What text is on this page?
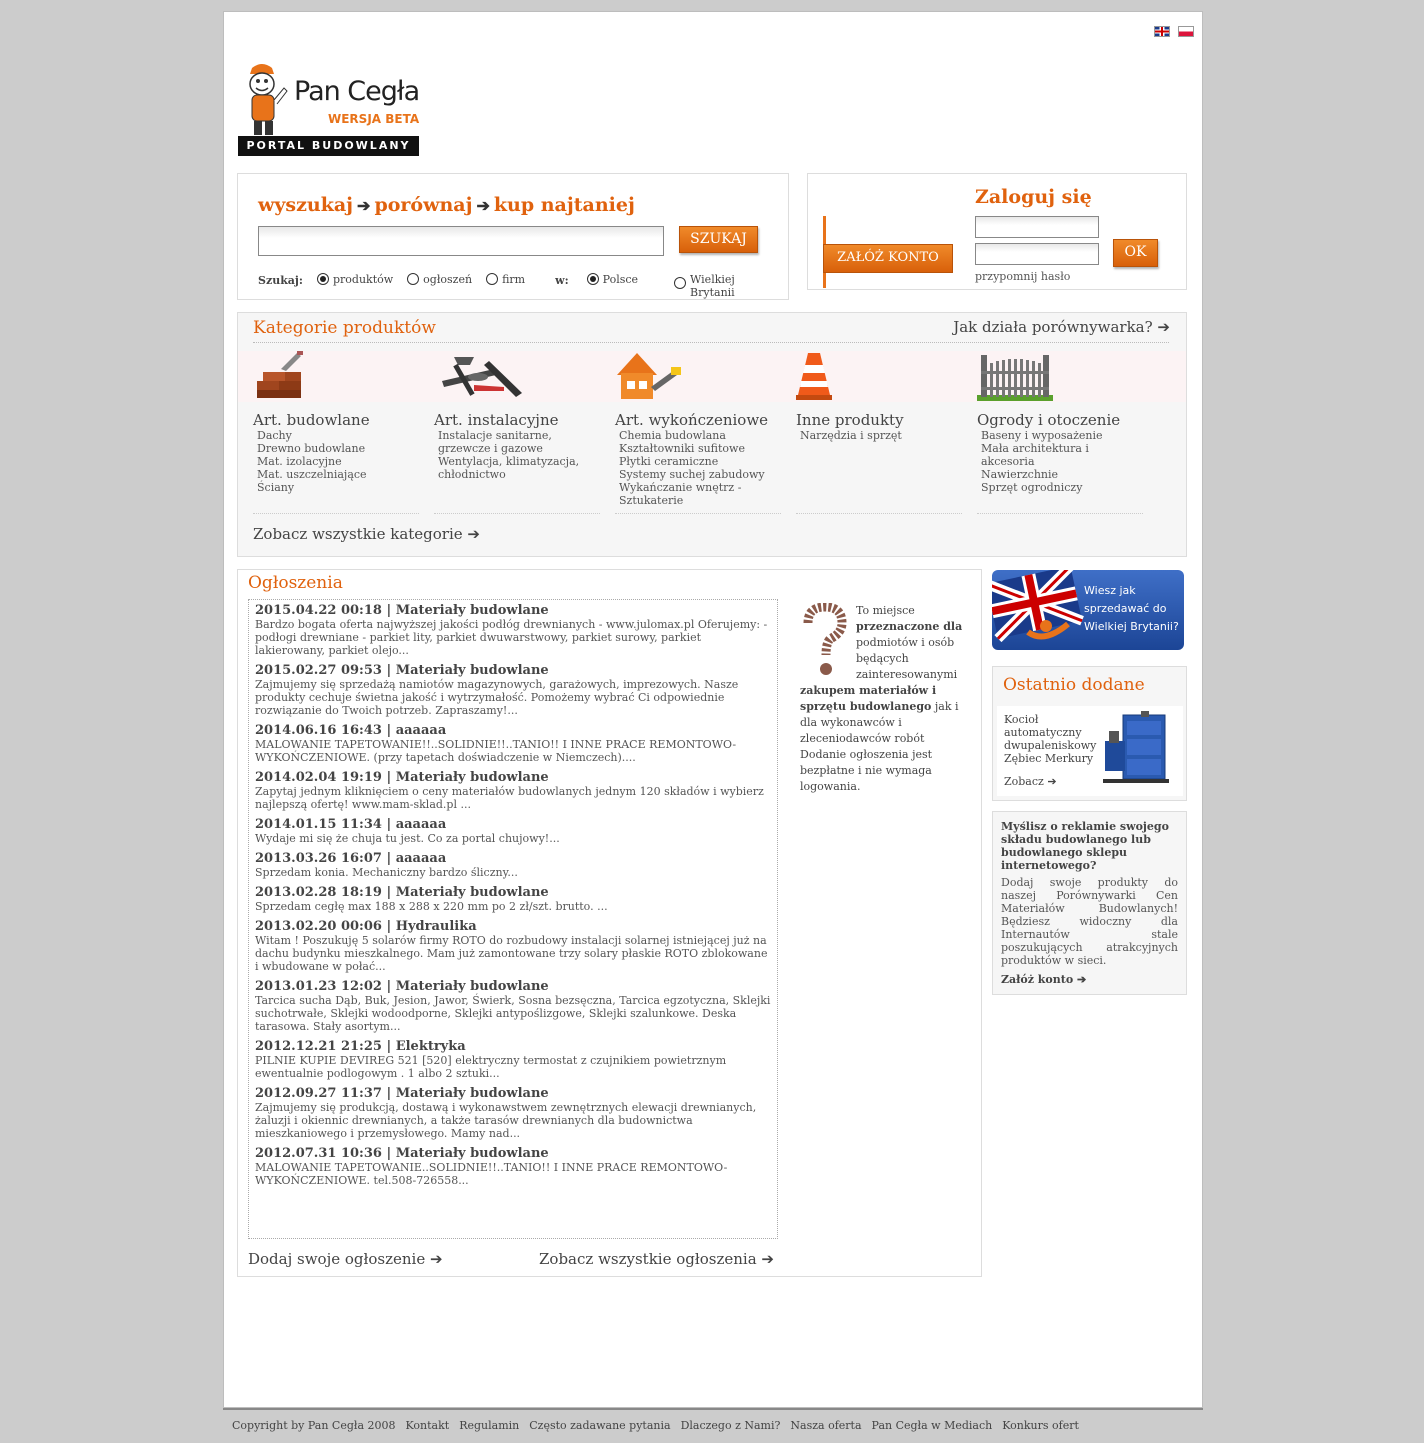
Pan Cegła
WERSJA BETA
PORTAL BUDOWLANY
wyszukaj ➔ porównaj ➔ kup najtaniej
SZUKAJ
Szukaj:	produktów	ogłoszeń	firm	w:	Polsce	Wielkiej Brytanii
ZAŁÓŻ KONTO
Zaloguj się
OK
przypomnij hasło
Kategorie produktów	Jak działa porównywarka? ➔
Art. budowlane
Dachy
Drewno budowlane
Mat. izolacyjne
Mat. uszczelniające
Ściany
Art. instalacyjne
Instalacje sanitarne,
grzewcze i gazowe
Wentylacja, klimatyzacja,
chłodnictwo
Art. wykończeniowe
Chemia budowlana
Kształtowniki sufitowe
Płytki ceramiczne
Systemy suchej zabudowy
Wykańczanie wnętrz -
Sztukaterie
Inne produkty
Narzędzia i sprzęt
Ogrody i otoczenie
Baseny i wyposażenie
Mała architektura i
akcesoria
Nawierzchnie
Sprzęt ogrodniczy
Zobacz wszystkie kategorie ➔
Ogłoszenia
2015.04.22 00:18 | Materiały budowlane
Bardzo bogata oferta najwyższej jakości podłóg drewnianych - www.julomax.pl Oferujemy: - podłogi drewniane - parkiet lity, parkiet dwuwarstwowy, parkiet surowy, parkiet lakierowany, parkiet olejo...
2015.02.27 09:53 | Materiały budowlane
Zajmujemy się sprzedażą namiotów magazynowych, garażowych, imprezowych. Nasze produkty cechuje świetna jakość i wytrzymałość. Pomożemy wybrać Ci odpowiednie rozwiązanie do Twoich potrzeb. Zapraszamy!...
2014.06.16 16:43 | aaaaaa
MALOWANIE TAPETOWANIE!!..SOLIDNIE!!..TANIO!! I INNE PRACE REMONTOWO-WYKOŃCZENIOWE. (przy tapetach doświadczenie w Niemczech)....
2014.02.04 19:19 | Materiały budowlane
Zapytaj jednym kliknięciem o ceny materiałów budowlanych jednym 120 składów i wybierz najlepszą ofertę! www.mam-sklad.pl ...
2014.01.15 11:34 | aaaaaa
Wydaje mi się że chuja tu jest. Co za portal chujowy!...
2013.03.26 16:07 | aaaaaa
Sprzedam konia. Mechaniczny bardzo śliczny...
2013.02.28 18:19 | Materiały budowlane
Sprzedam cegłę max 188 x 288 x 220 mm po 2 zł/szt. brutto. ...
2013.02.20 00:06 | Hydraulika
Witam ! Poszukuję 5 solarów firmy ROTO do rozbudowy instalacji solarnej istniejącej już na dachu budynku mieszkalnego. Mam już zamontowane trzy solary płaskie ROTO zblokowane i wbudowane w połać...
2013.01.23 12:02 | Materiały budowlane
Tarcica sucha Dąb, Buk, Jesion, Jawor, Świerk, Sosna bezsęczna, Tarcica egzotyczna, Sklejki suchotrwałe, Sklejki wodoodporne, Sklejki antypoślizgowe, Sklejki szalunkowe. Deska tarasowa. Stały asortym...
2012.12.21 21:25 | Elektryka
PILNIE KUPIE DEVIREG 521 [520] elektryczny termostat z czujnikiem powietrznym ewentualnie podlogowym . 1 albo 2 sztuki...
2012.09.27 11:37 | Materiały budowlane
Zajmujemy się produkcją, dostawą i wykonawstwem zewnętrznych elewacji drewnianych, żaluzji i okiennic drewnianych, a także tarasów drewnianych dla budownictwa mieszkaniowego i przemysłowego. Mamy nad...
2012.07.31 10:36 | Materiały budowlane
MALOWANIE TAPETOWANIE..SOLIDNIE!!..TANIO!! I INNE PRACE REMONTOWO-WYKOŃCZENIOWE. tel.508-726558...
Dodaj swoje ogłoszenie ➔	Zobacz wszystkie ogłoszenia ➔
To miejsce przeznaczone dla podmiotów i osób będących zainteresowanymi zakupem materiałów i sprzętu budowlanego jak i dla wykonawców i zleceniodawców robót Dodanie ogłoszenia jest bezpłatne i nie wymaga logowania.
Wiesz jak sprzedawać do Wielkiej Brytanii?
Ostatnio dodane
Kocioł automatyczny dwupaleniskowy Zębiec Merkury
Zobacz ➔
Myślisz o reklamie swojego składu budowlanego lub budowlanego sklepu internetowego?
Dodaj swoje produkty do naszej Porównywarki Cen Materiałów Budowlanych! Będziesz widoczny dla Internautów stale poszukujących atrakcyjnych produktów w sieci.
Załóż konto ➔
Copyright by Pan Cegła 2008 Kontakt Regulamin Często zadawane pytania Dlaczego z Nami? Nasza oferta Pan Cegła w Mediach Konkurs ofert
